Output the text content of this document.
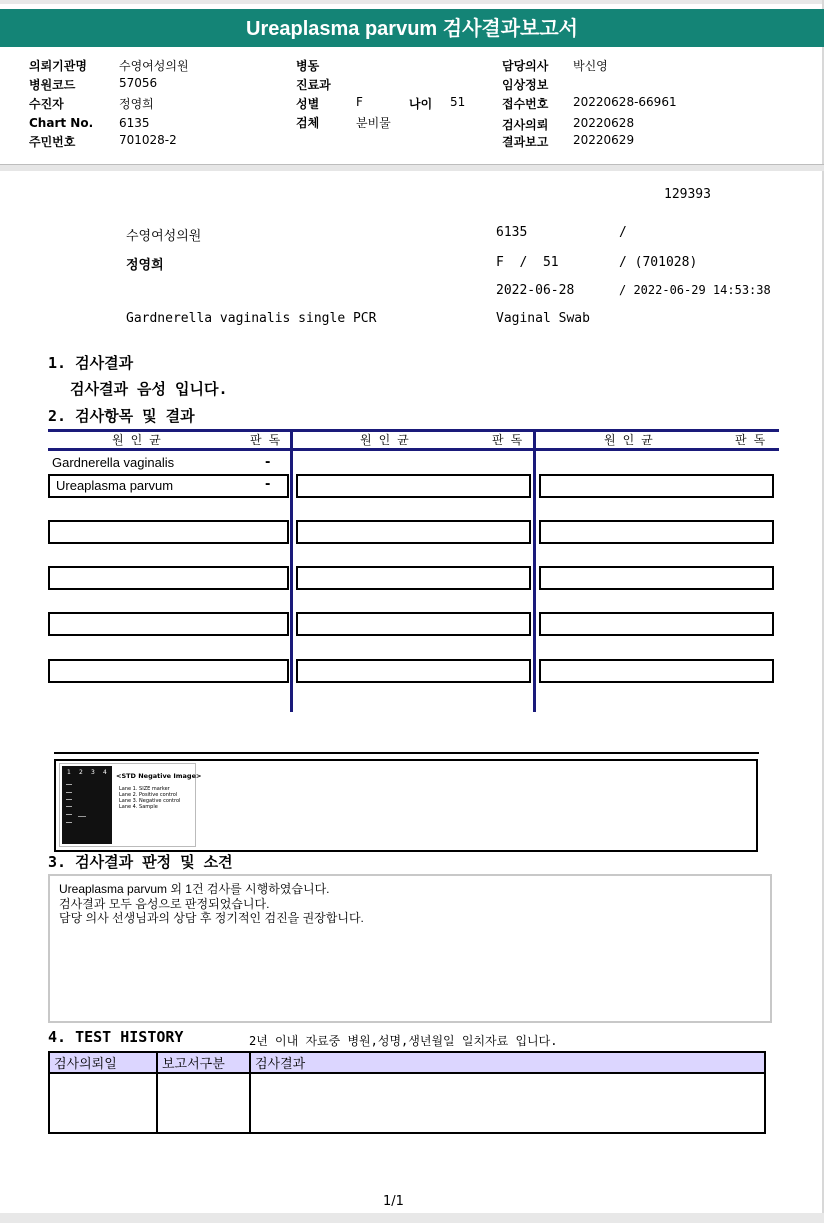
Ureaplasma parvum 검사결과보고서
의뢰기관명	수영여성의원
병원코드	57056
수진자	정영희
Chart No. 6135
주민번호	701028-2
병동
진료과
성별	F	나이 51
검체	분비물
담당의사 박신영
임상정보
접수번호 20220628-66961
검사의뢰 20220628
결과보고 20220629
129393
수영여성의원	6135	/
정영희	F  /  51	/ (701028)
2022-06-28	/ 2022-06-29 14:53:38
Gardnerella vaginalis single PCR	Vaginal Swab
1. 검사결과
검사결과 음성 입니다.
2. 검사항목 및 결과
원인균	판독	원인균	판독	원인균	판독
Gardnerella vaginalis	-
Ureaplasma parvum	-
1 2 3 4 <STD Negative Image>
Lane 1. SIZE marker
Lane 2. Positive control
Lane 3. Negative control
Lane 4. Sample
3. 검사결과 판정 및 소견
Ureaplasma parvum 외 1건 검사를 시행하였습니다.
검사결과 모두 음성으로 판정되었습니다.
담당 의사 선생님과의 상담 후 정기적인 검진을 권장합니다.
4. TEST HISTORY	2년 이내 자료중 병원,성명,생년월일 일치자료 입니다.
검사의뢰일	보고서구분	검사결과

1/1
